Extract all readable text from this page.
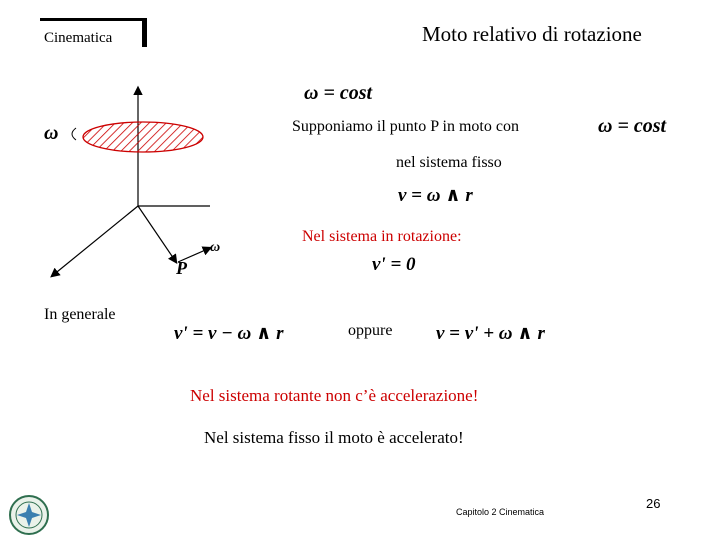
Cinematica	Moto relativo di rotazione
ω
P
ω
ω = cost
Supponiamo il punto P in moto con	ω = cost
nel sistema fisso
v = ω ∧ r
Nel sistema in rotazione:
v' = 0
In generale
v' = v − ω ∧ r	oppure v = v' + ω ∧ r
Nel sistema rotante non c’è accelerazione!
Nel sistema fisso il moto è accelerato!
Capitolo 2 Cinematica
26
